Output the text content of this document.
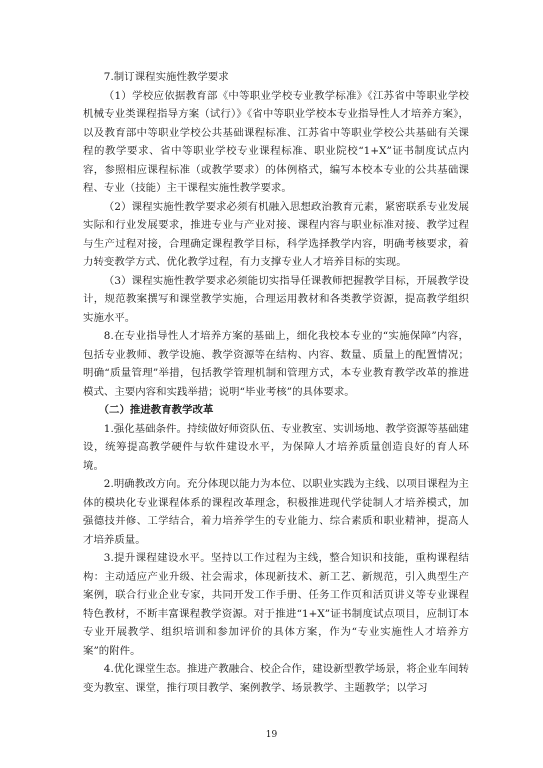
7.制订课程实施性教学要求

（1）学校应依据教育部《中等职业学校专业教学标准》《江苏省中等职业学校机械专业类课程指导方案（试行）》《省中等职业学校本专业指导性人才培养方案》，以及教育部中等职业学校公共基础课程标准、江苏省中等职业学校公共基础有关课程的教学要求、省中等职业学校专业课程标准、职业院校“1+X”证书制度试点内容，参照相应课程标准（或教学要求）的体例格式，编写本校本专业的公共基础课程、专业（技能）主干课程实施性教学要求。

（2）课程实施性教学要求必须有机融入思想政治教育元素，紧密联系专业发展实际和行业发展要求，推进专业与产业对接、课程内容与职业标准对接、教学过程与生产过程对接，合理确定课程教学目标，科学选择教学内容，明确考核要求，着力转变教学方式、优化教学过程，有力支撑专业人才培养目标的实现。

（3）课程实施性教学要求必须能切实指导任课教师把握教学目标，开展教学设计，规范教案撰写和课堂教学实施，合理运用教材和各类教学资源，提高教学组织实施水平。

8.在专业指导性人才培养方案的基础上，细化我校本专业的“实施保障”内容，包括专业教师、教学设施、教学资源等在结构、内容、数量、质量上的配置情况；明确“质量管理”举措，包括教学管理机制和管理方式，本专业教育教学改革的推进模式、主要内容和实践举措；说明“毕业考核”的具体要求。

（二）推进教育教学改革

1.强化基础条件。持续做好师资队伍、专业教室、实训场地、教学资源等基础建设，统筹提高教学硬件与软件建设水平，为保障人才培养质量创造良好的育人环境。

2.明确教改方向。充分体现以能力为本位、以职业实践为主线、以项目课程为主体的模块化专业课程体系的课程改革理念，积极推进现代学徒制人才培养模式，加强德技并修、工学结合，着力培养学生的专业能力、综合素质和职业精神，提高人才培养质量。

3.提升课程建设水平。坚持以工作过程为主线，整合知识和技能，重构课程结构：主动适应产业升级、社会需求，体现新技术、新工艺、新规范，引入典型生产案例，联合行业企业专家，共同开发工作手册、任务工作页和活页讲义等专业课程特色教材，不断丰富课程教学资源。对于推进“1+X”证书制度试点项目，应制订本专业开展教学、组织培训和参加评价的具体方案，作为“专业实施性人才培养方案”的附件。

4.优化课堂生态。推进产教融合、校企合作，建设新型教学场景，将企业车间转变为教室、课堂，推行项目教学、案例教学、场景教学、主题教学；以学习

19
